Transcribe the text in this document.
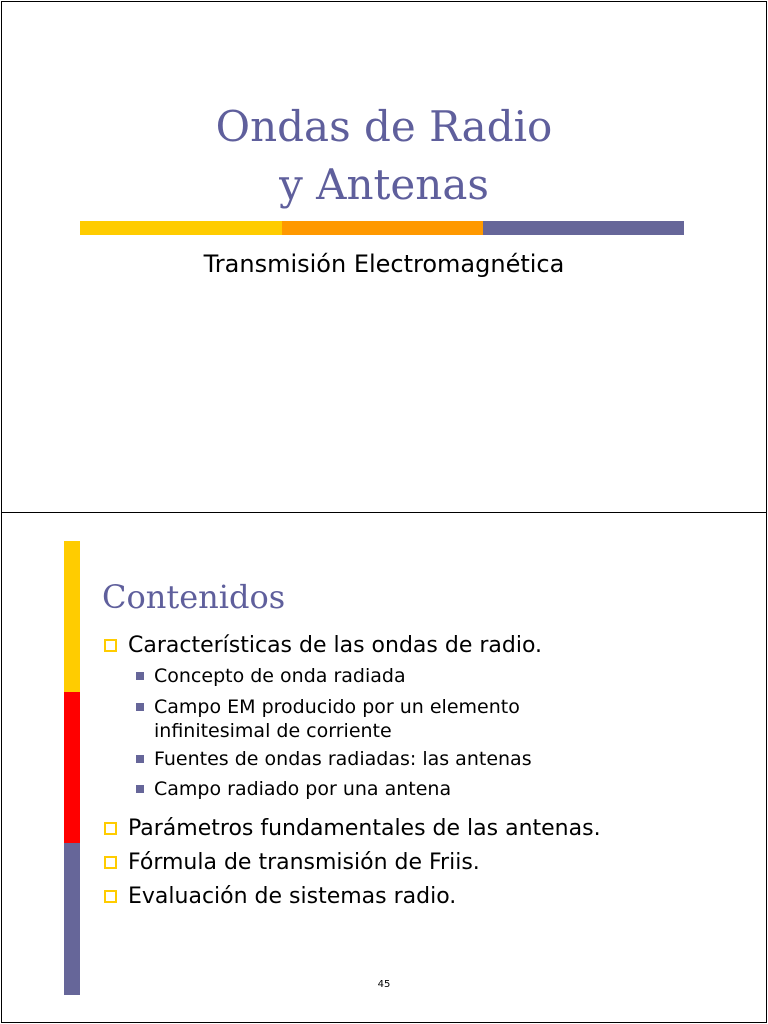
Ondas de Radio
y Antenas
Transmisión Electromagnética
Contenidos
Características de las ondas de radio.
Concepto de onda radiada
Campo EM producido por un elemento infinitesimal de corriente
Fuentes de ondas radiadas: las antenas
Campo radiado por una antena
Parámetros fundamentales de las antenas.
Fórmula de transmisión de Friis.
Evaluación de sistemas radio.
45
